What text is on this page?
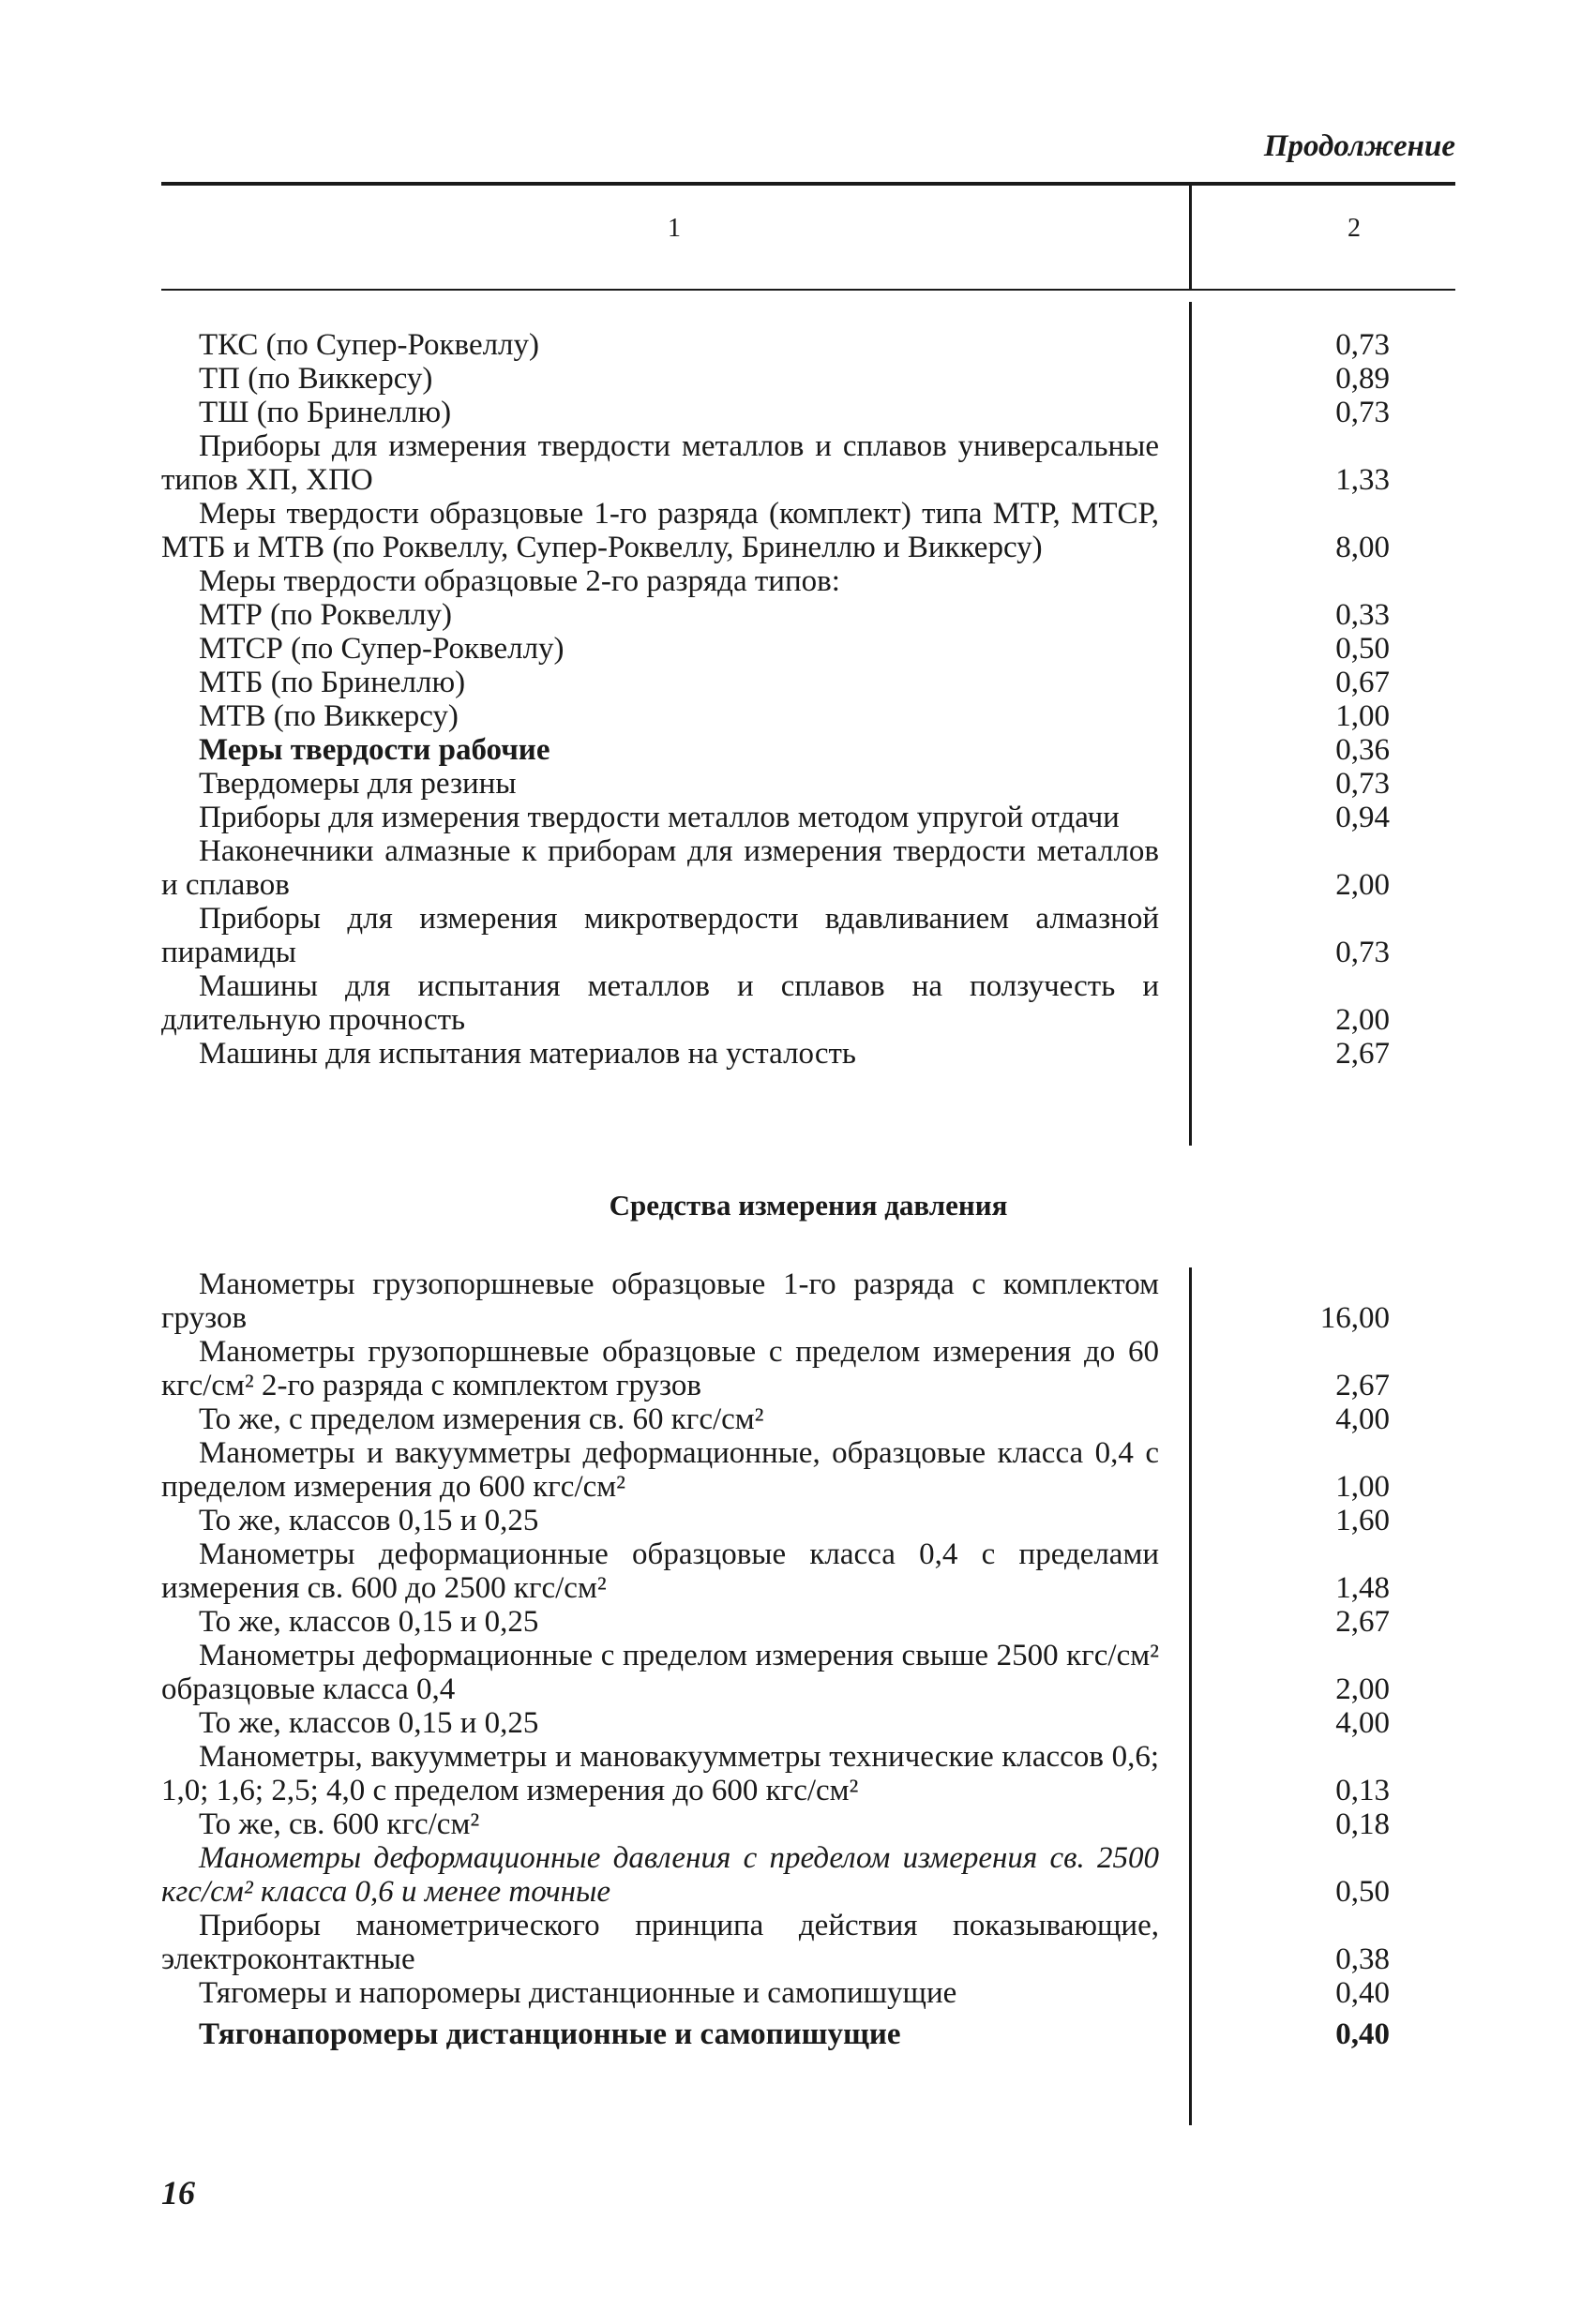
Продолжение
1	2
ТКС (по Супер-Роквеллу)	0,73
ТП (по Виккерсу)	0,89
ТШ (по Бринеллю)	0,73
Приборы для измерения твердости металлов и сплавов универсальные типов ХП, ХПО	1,33
Меры твердости образцовые 1-го разряда (комплект) типа МТР, МТСР, МТБ и МТВ (по Роквеллу, Супер-Роквеллу, Бринеллю и Виккерсу)	8,00
Меры твердости образцовые 2-го разряда типов:
МТР (по Роквеллу)	0,33
МТСР (по Супер-Роквеллу)	0,50
МТБ (по Бринеллю)	0,67
МТВ (по Виккерсу)	1,00
Меры твердости рабочие	0,36
Твердомеры для резины	0,73
Приборы для измерения твердости металлов методом упругой отдачи	0,94
Наконечники алмазные к приборам для измерения твердости металлов и сплавов	2,00
Приборы для измерения микротвердости вдавливанием алмазной пирамиды	0,73
Машины для испытания металлов и сплавов на ползучесть и длительную прочность	2,00
Машины для испытания материалов на усталость	2,67
Средства измерения давления
Манометры грузопоршневые образцовые 1-го разряда с комплектом грузов	16,00
Манометры грузопоршневые образцовые с пределом измерения до 60 кгс/см² 2-го разряда с комплектом грузов	2,67
То же, с пределом измерения св. 60 кгс/см²	4,00
Манометры и вакуумметры деформационные, образцовые класса 0,4 с пределом измерения до 600 кгс/см²	1,00
То же, классов 0,15 и 0,25	1,60
Манометры деформационные образцовые класса 0,4 с пределами измерения св. 600 до 2500 кгс/см²	1,48
То же, классов 0,15 и 0,25	2,67
Манометры деформационные с пределом измерения свыше 2500 кгс/см² образцовые класса 0,4	2,00
То же, классов 0,15 и 0,25	4,00
Манометры, вакуумметры и мановакуумметры технические классов 0,6; 1,0; 1,6; 2,5; 4,0 с пределом измерения до 600 кгс/см²	0,13
То же, св. 600 кгс/см²	0,18
Манометры деформационные давления с пределом измерения св. 2500 кгс/см² класса 0,6 и менее точные	0,50
Приборы манометрического принципа действия показывающие, электроконтактные	0,38
Тягомеры и напоромеры дистанционные и самопишущие	0,40
Тягонапоромеры дистанционные и самопишущие	0,40
16
